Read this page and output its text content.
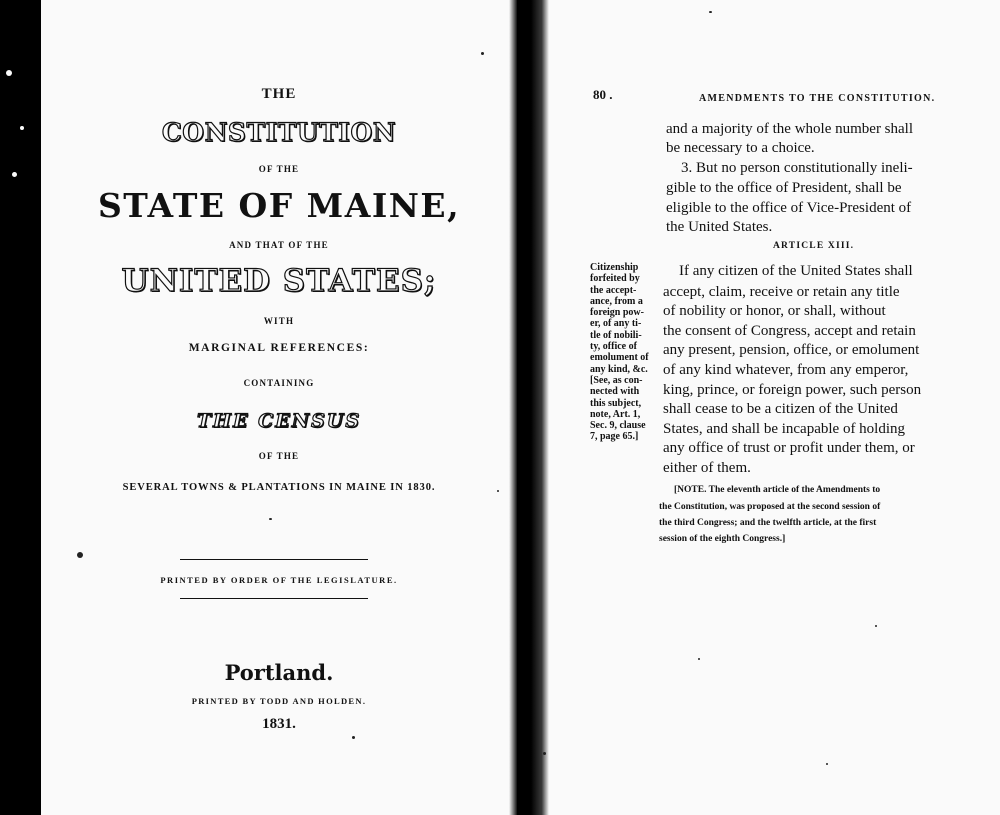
THE
CONSTITUTION
OF THE
STATE OF MAINE,
AND THAT OF THE
UNITED STATES;
WITH
MARGINAL REFERENCES:
CONTAINING
THE CENSUS
OF THE
SEVERAL TOWNS & PLANTATIONS IN MAINE IN 1830.
PRINTED BY ORDER OF THE LEGISLATURE.
Portland.
PRINTED BY TODD AND HOLDEN.
1831.
80 .	AMENDMENTS TO THE CONSTITUTION.
and a majority of the whole number shall
be necessary to a choice.
3. But no person constitutionally ineli-
gible to the office of President, shall be
eligible to the office of Vice-President of
the United States.
ARTICLE XIII.
Citizenship
forfeited by
the accept-
ance, from a
foreign pow-
er, of any ti-
tle of nobili-
ty, office of
emolument of
any kind, &c.
[See, as con-
nected with
this subject,
note, Art. 1,
Sec. 9, clause
7, page 65.]
If any citizen of the United States shall
accept, claim, receive or retain any title
of nobility or honor, or shall, without
the consent of Congress, accept and retain
any present, pension, office, or emolument
of any kind whatever, from any emperor,
king, prince, or foreign power, such person
shall cease to be a citizen of the United
States, and shall be incapable of holding
any office of trust or profit under them, or
either of them.
[NOTE. The eleventh article of the Amendments to
the Constitution, was proposed at the second session of
the third Congress; and the twelfth article, at the first
session of the eighth Congress.]
